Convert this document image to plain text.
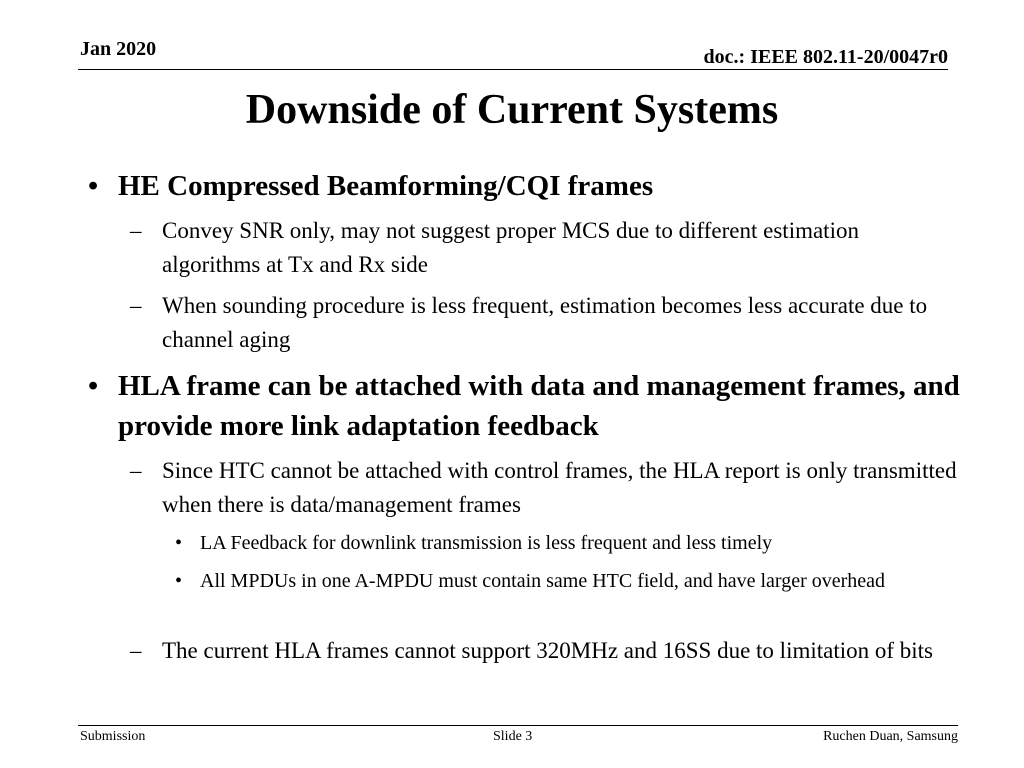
Jan 2020	doc.: IEEE 802.11-20/0047r0
Downside of Current Systems
• HE Compressed Beamforming/CQI frames
– Convey SNR only, may not suggest proper MCS due to different estimation algorithms at Tx and Rx side
– When sounding procedure is less frequent, estimation becomes less accurate due to channel aging
• HLA frame can be attached with data and management frames, and provide more link adaptation feedback
– Since HTC cannot be attached with control frames, the HLA report is only transmitted when there is data/management frames
• LA Feedback for downlink transmission is less frequent and less timely
• All MPDUs in one A-MPDU must contain same HTC field, and have larger overhead
– The current HLA frames cannot support 320MHz and 16SS due to limitation of bits
Submission	Slide 3	Ruchen Duan, Samsung
